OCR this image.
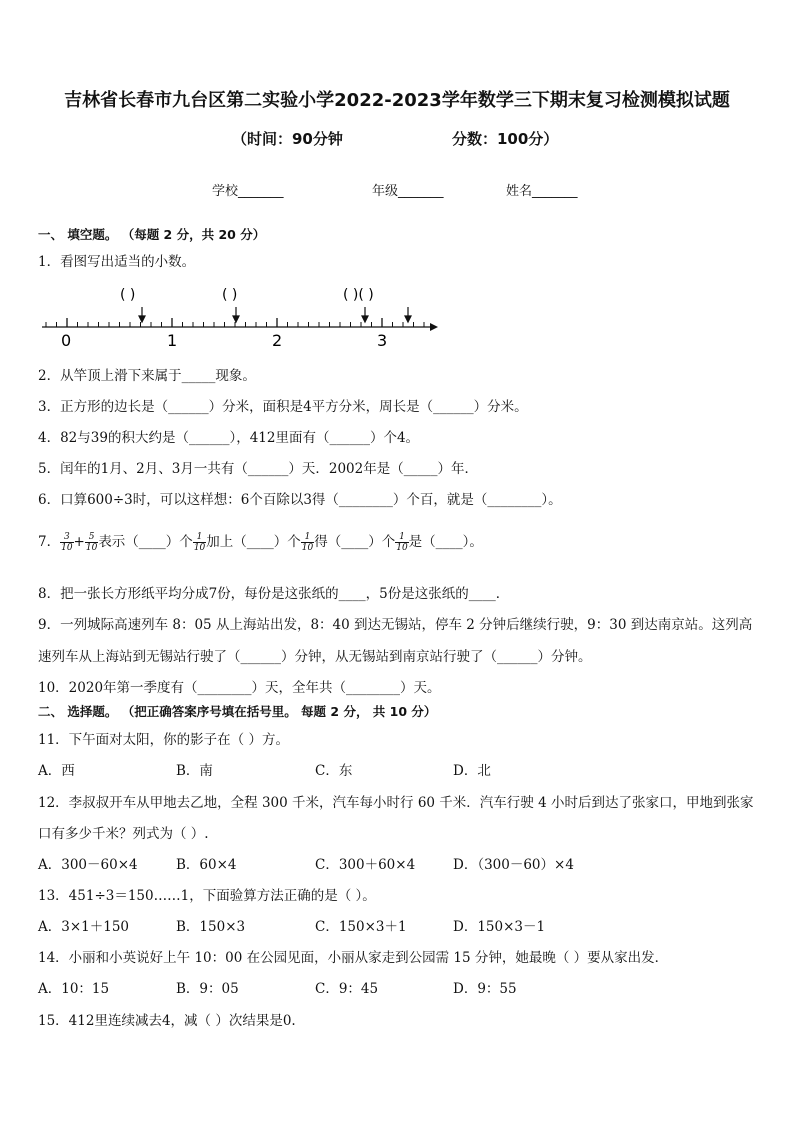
吉林省长春市九台区第二实验小学2022-2023学年数学三下期末复习检测模拟试题
（时间：90分钟	分数：100分）
学校_______	年级_______	姓名_______
一、 填空题。 （每题 2 分，共 20 分）
1．看图写出适当的小数。
( )	( )	( )( )
0	1	2	3
2．从竿顶上滑下来属于_____现象。
3．正方形的边长是（______）分米，面积是4平方分米，周长是（______）分米。
4．82与39的积大约是（______），412里面有（______）个4。
5．闰年的1月、2月、3月一共有（______）天．2002年是（_____）年．
6．口算600÷3时，可以这样想：6个百除以3得（________）个百，就是（________）。
7． $\frac{3}{10} + \frac{5}{10}$ 表示（____）个 $\frac{1}{10}$ 加上（____）个 $\frac{1}{10}$ 得（____）个 $\frac{1}{10}$ 是（____）。
8．把一张长方形纸平均分成7份，每份是这张纸的____，5份是这张纸的____．
9．一列城际高速列车 8：05 从上海站出发，8：40 到达无锡站，停车 2 分钟后继续行驶，9：30 到达南京站。这列高
速列车从上海站到无锡站行驶了（______）分钟，从无锡站到南京站行驶了（______）分钟。
10．2020年第一季度有（________）天，全年共（________）天。
二、 选择题。 （把正确答案序号填在括号里。 每题 2 分， 共 10 分）
11．下午面对太阳，你的影子在（ ）方。
A．西	B．南	C．东	D．北
12．李叔叔开车从甲地去乙地，全程 300 千米，汽车每小时行 60 千米．汽车行驶 4 小时后到达了张家口，甲地到张家
口有多少千米？列式为（ ）.
A．300－60×4	B．60×4	C．300＋60×4	D．（300－60）×4
13．451÷3＝150……1，下面验算方法正确的是（ ）。
A．3×1＋150	B．150×3	C．150×3＋1	D．150×3－1
14．小丽和小英说好上午 10：00 在公园见面，小丽从家走到公园需 15 分钟，她最晚（ ）要从家出发．
A．10：15	B．9：05	C．9：45	D．9：55
15．412里连续减去4，减（ ）次结果是0.
